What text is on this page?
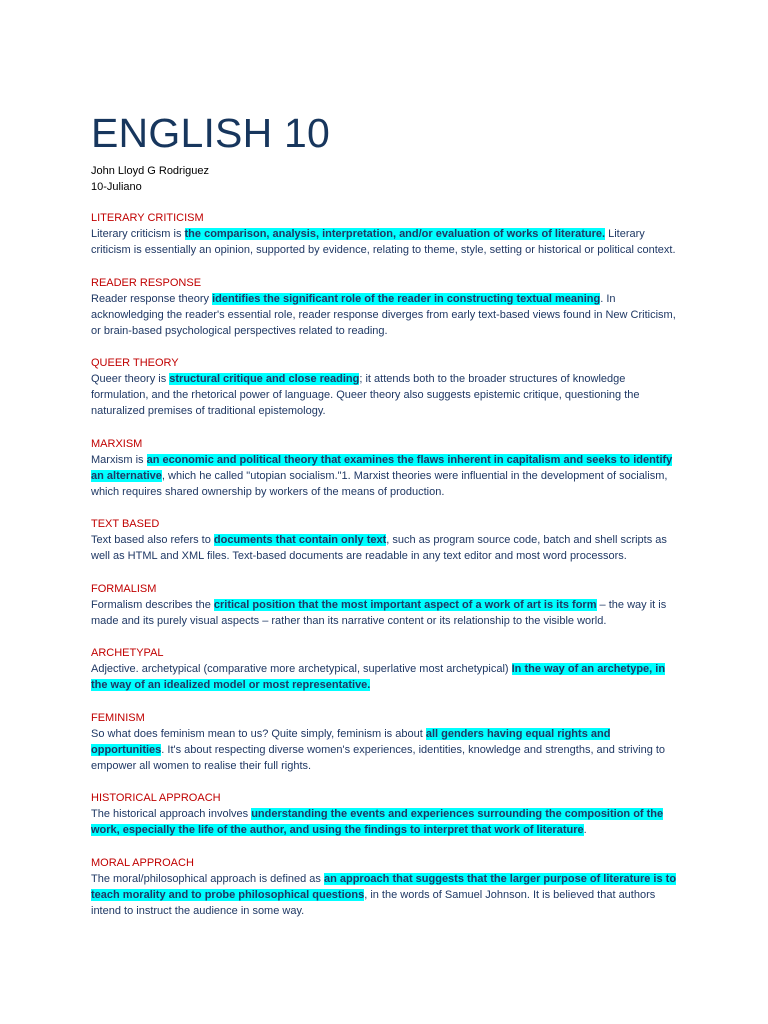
ENGLISH 10
John Lloyd G Rodriguez
10-Juliano
LITERARY CRITICISM

Literary criticism is the comparison, analysis, interpretation, and/or evaluation of works of literature. Literary criticism is essentially an opinion, supported by evidence, relating to theme, style, setting or historical or political context.

READER RESPONSE

Reader response theory identifies the significant role of the reader in constructing textual meaning. In acknowledging the reader's essential role, reader response diverges from early text-based views found in New Criticism, or brain-based psychological perspectives related to reading.

QUEER THEORY

Queer theory is structural critique and close reading; it attends both to the broader structures of knowledge formulation, and the rhetorical power of language. Queer theory also suggests epistemic critique, questioning the naturalized premises of traditional epistemology.

MARXISM

Marxism is an economic and political theory that examines the flaws inherent in capitalism and seeks to identify an alternative, which he called "utopian socialism."1. Marxist theories were influential in the development of socialism, which requires shared ownership by workers of the means of production.

TEXT BASED

Text based also refers to documents that contain only text, such as program source code, batch and shell scripts as well as HTML and XML files. Text-based documents are readable in any text editor and most word processors.

FORMALISM

Formalism describes the critical position that the most important aspect of a work of art is its form – the way it is made and its purely visual aspects – rather than its narrative content or its relationship to the visible world.

ARCHETYPAL

Adjective. archetypical (comparative more archetypical, superlative most archetypical) In the way of an archetype, in the way of an idealized model or most representative.

FEMINISM

So what does feminism mean to us? Quite simply, feminism is about all genders having equal rights and opportunities. It's about respecting diverse women's experiences, identities, knowledge and strengths, and striving to empower all women to realise their full rights.

HISTORICAL APPROACH

The historical approach involves understanding the events and experiences surrounding the composition of the work, especially the life of the author, and using the findings to interpret that work of literature.

MORAL APPROACH

The moral/philosophical approach is defined as an approach that suggests that the larger purpose of literature is to teach morality and to probe philosophical questions, in the words of Samuel Johnson. It is believed that authors intend to instruct the audience in some way.
